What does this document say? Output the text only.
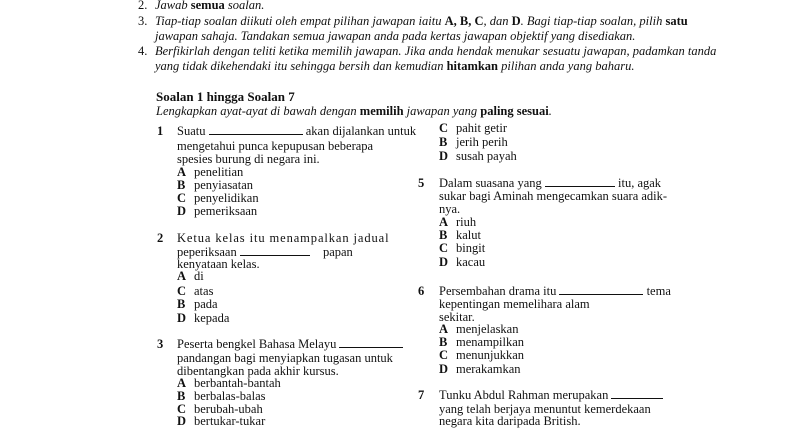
2. Jawab semua soalan.
3. Tiap-tiap soalan diikuti oleh empat pilihan jawapan iaitu A, B, C, dan D. Bagi tiap-tiap soalan, pilih satu
jawapan sahaja. Tandakan semua jawapan anda pada kertas jawapan objektif yang disediakan.
4. Berfikirlah dengan teliti ketika memilih jawapan. Jika anda hendak menukar sesuatu jawapan, padamkan tanda
yang tidak dikehendaki itu sehingga bersih dan kemudian hitamkan pilihan anda yang baharu.
Soalan 1 hingga Soalan 7
Lengkapkan ayat-ayat di bawah dengan memilih jawapan yang paling sesuai.
1 Suatu	akan dijalankan untuk
mengetahui punca kepupusan beberapa
spesies burung di negara ini.
A penelitian
B penyiasatan
C penyelidikan
D pemeriksaan
2 Ketua kelas itu menampalkan jadual
peperiksaan	papan
kenyataan kelas.
A di
C atas
B pada
D kepada
3 Peserta bengkel Bahasa Melayu
pandangan bagi menyiapkan tugasan untuk
dibentangkan pada akhir kursus.
A berbantah-bantah
B berbalas-balas
C berubah-ubah
D bertukar-tukar
C pahit getir
B jerih perih
D susah payah
5 Dalam suasana yang	itu, agak
sukar bagi Aminah mengecamkan suara adik-
nya.
A riuh
B kalut
C bingit
D kacau
6 Persembahan drama itu	tema
kepentingan memelihara alam
sekitar.
A menjelaskan
B menampilkan
C menunjukkan
D merakamkan
7 Tunku Abdul Rahman merupakan
yang telah berjaya menuntut kemerdekaan
negara kita daripada British.
